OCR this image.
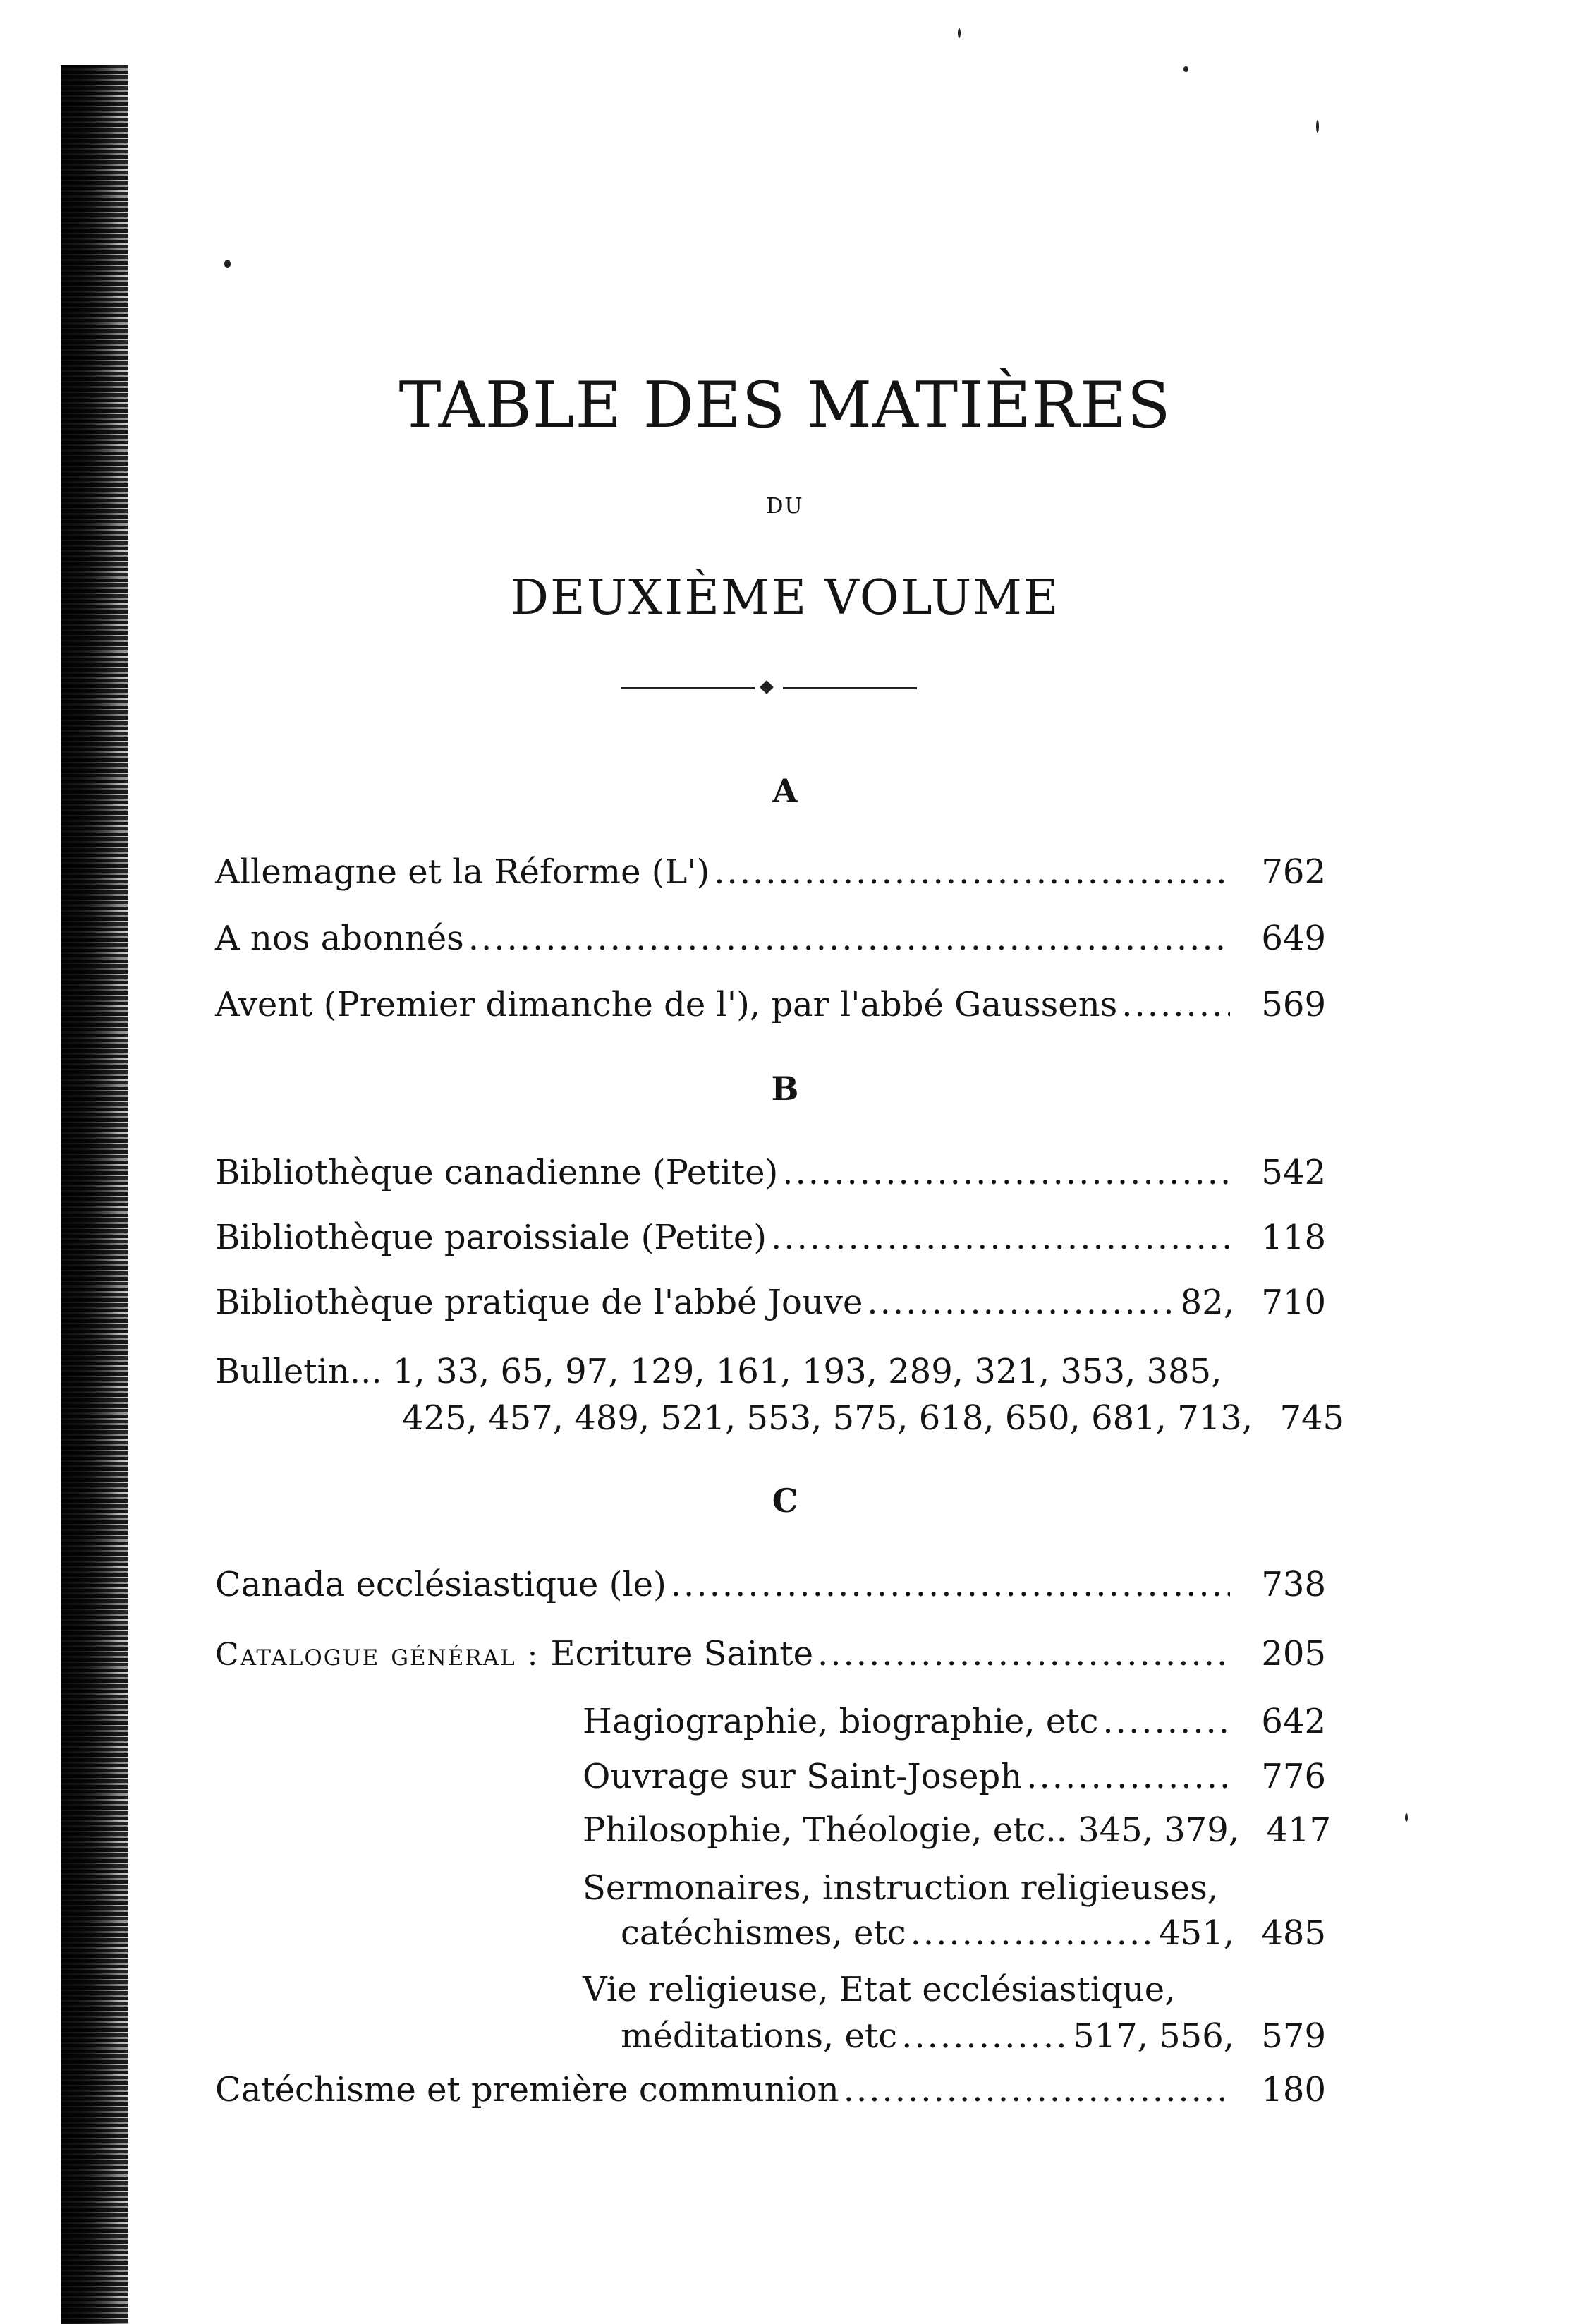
TABLE DES MATIÈRES
DU
DEUXIÈME VOLUME
A
Allemagne et la Réforme (L') .....	762
A nos abonnés .....	649
Avent (Premier dimanche de l'), par l'abbé Gaussens .....	569
B
Bibliothèque canadienne (Petite) .....	542
Bibliothèque paroissiale (Petite) .....	118
Bibliothèque pratique de l'abbé Jouve .....	82, 710
Bulletin... 1, 33, 65, 97, 129, 161, 193, 289, 321, 353, 385,
425, 457, 489, 521, 553, 575, 618, 650, 681, 713, 745
C
Canada ecclésiastique (le) .....	738
Catalogue général : Ecriture Sainte .....	205
Hagiographie, biographie, etc .....	642
Ouvrage sur Saint-Joseph .....	776
Philosophie, Théologie, etc.. 345, 379, 417
Sermonaires, instruction religieuses,
catéchismes, etc .....	451, 485
Vie religieuse, Etat ecclésiastique,
méditations, etc .....	517, 556, 579
Catéchisme et première communion .....	180
